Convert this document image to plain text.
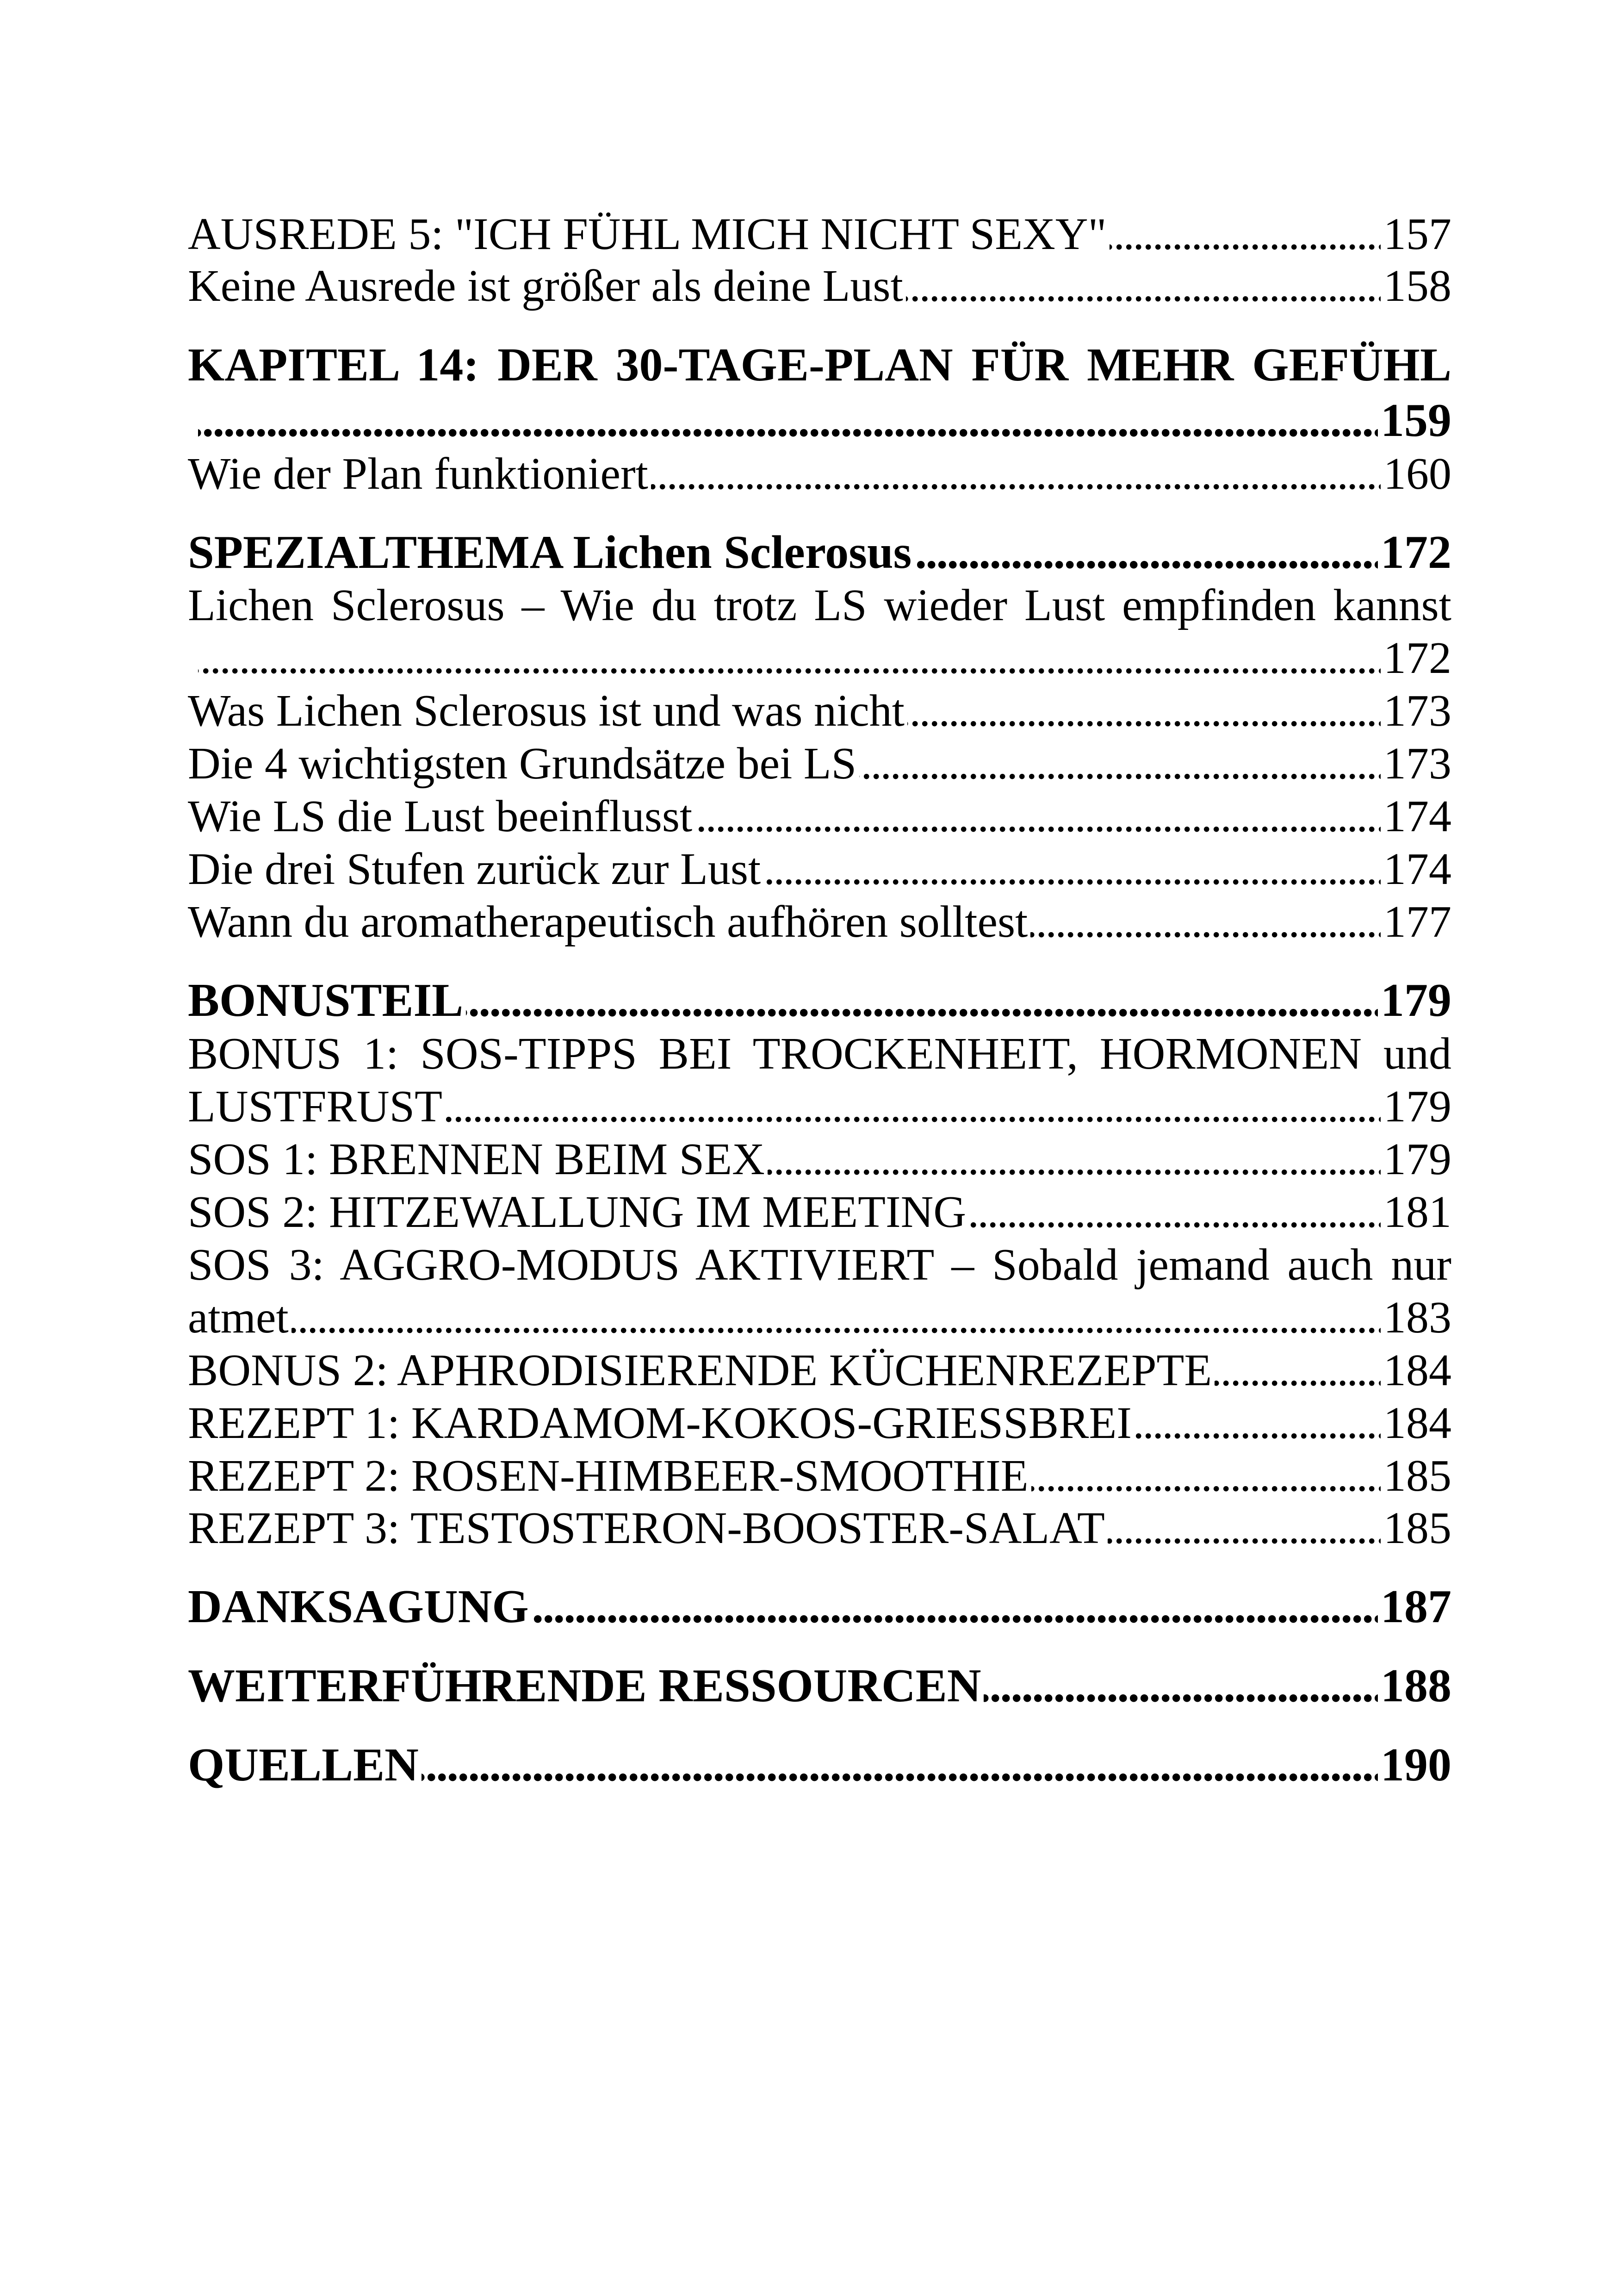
AUSREDE 5: "ICH FÜHL MICH NICHT SEXY" . . .	157
Keine Ausrede ist größer als deine Lust . . .	158
KAPITEL 14: DER 30-TAGE-PLAN FÜR MEHR GEFÜHL
. . .
159
Wie der Plan funktioniert . . .	160
SPEZIALTHEMA Lichen Sclerosus . . .	172
Lichen Sclerosus – Wie du trotz LS wieder Lust empfinden kannst
. . .
172
Was Lichen Sclerosus ist und was nicht . . .	173
Die 4 wichtigsten Grundsätze bei LS . . .	173
Wie LS die Lust beeinflusst . . .	174
Die drei Stufen zurück zur Lust . . .	174
Wann du aromatherapeutisch aufhören solltest . . .	177
BONUSTEIL . . .	179
BONUS 1: SOS-TIPPS BEI TROCKENHEIT, HORMONEN und
LUSTFRUST . . .	179
SOS 1: BRENNEN BEIM SEX . . .	179
SOS 2: HITZEWALLUNG IM MEETING . . .	181
SOS 3: AGGRO-MODUS AKTIVIERT – Sobald jemand auch nur
atmet . . .	183
BONUS 2: APHRODISIERENDE KÜCHENREZEPTE . . .	184
REZEPT 1: KARDAMOM-KOKOS-GRIESSBREI . . .	184
REZEPT 2: ROSEN-HIMBEER-SMOOTHIE . . .	185
REZEPT 3: TESTOSTERON-BOOSTER-SALAT . . .	185
DANKSAGUNG . . .	187
WEITERFÜHRENDE RESSOURCEN . . .	188
QUELLEN . . .	190
